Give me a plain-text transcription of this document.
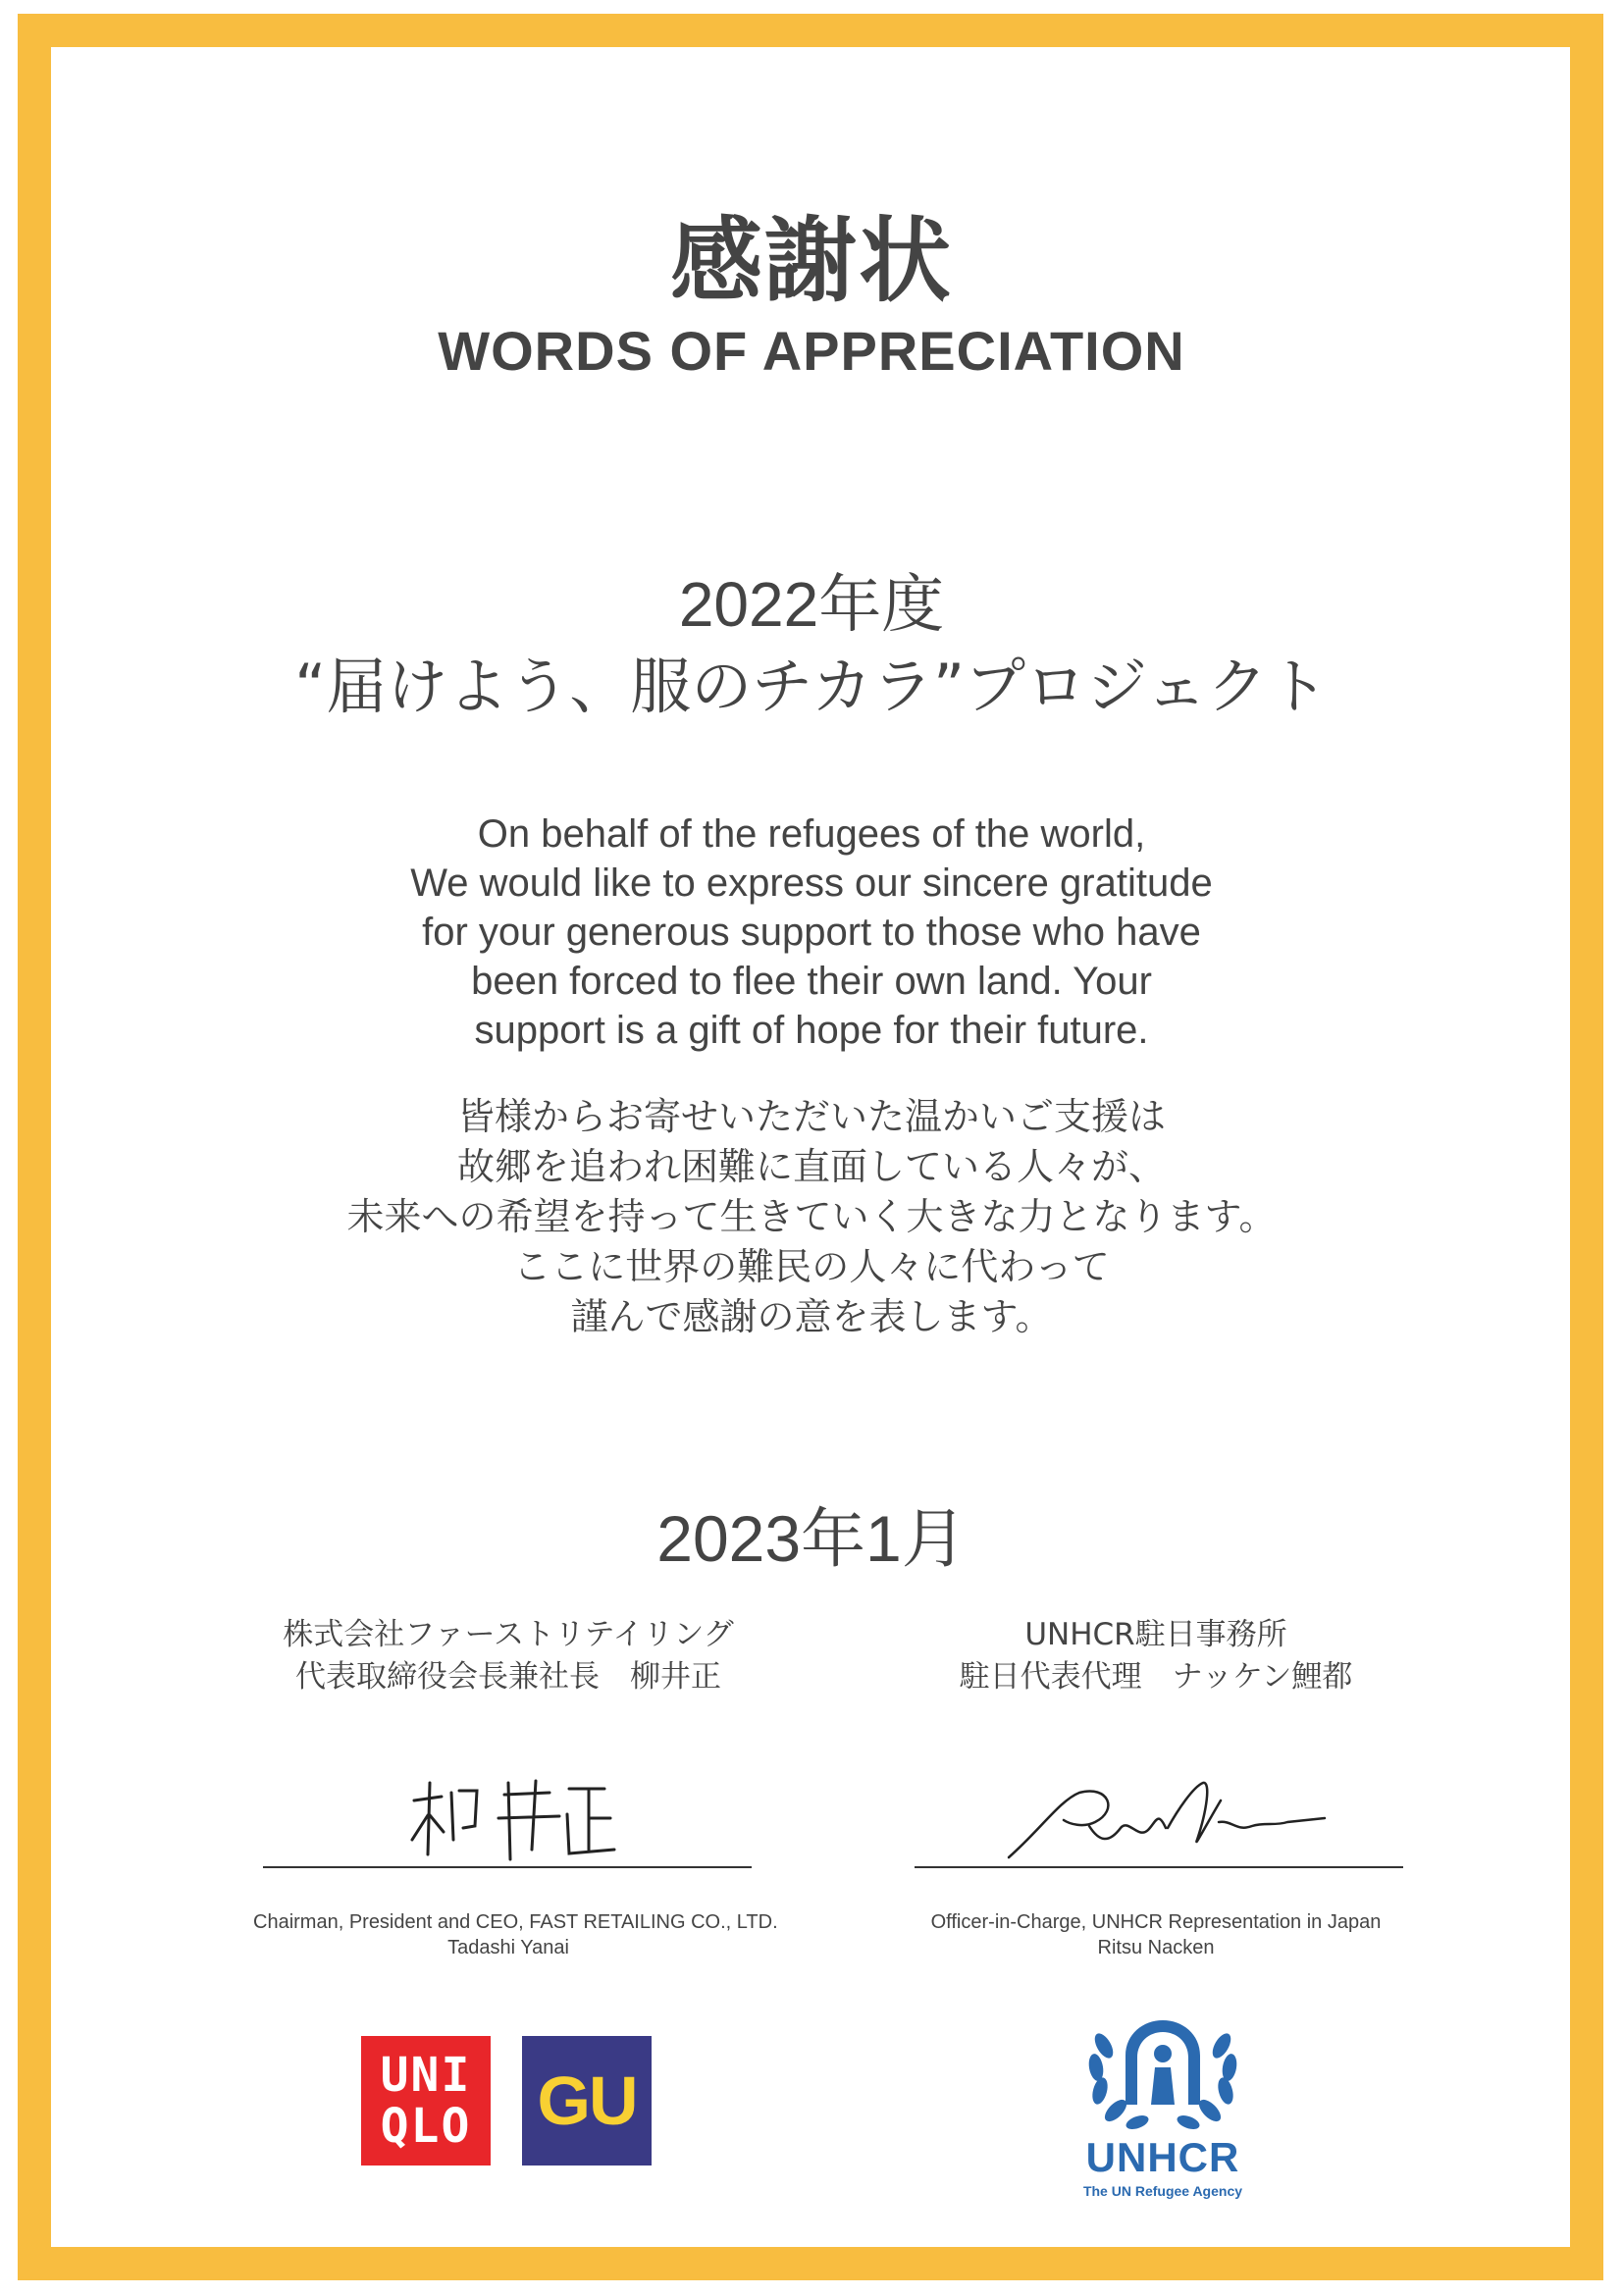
感謝状
WORDS OF APPRECIATION
2022年度
“届けよう、服のチカラ”プロジェクト
On behalf of the refugees of the world,
We would like to express our sincere gratitude
for your generous support to those who have
been forced to flee their own land. Your
support is a gift of hope for their future.
皆様からお寄せいただいた温かいご支援は
故郷を追われ困難に直面している人々が、
未来への希望を持って生きていく大きな力となります。
ここに世界の難民の人々に代わって
謹んで感謝の意を表します。
2023年1月
株式会社ファーストリテイリング
代表取締役会長兼社長　柳井正
Chairman, President and CEO, FAST RETAILING CO., LTD.
Tadashi Yanai
UNHCR駐日事務所
駐日代表代理　ナッケン鯉都
Officer-in-Charge, UNHCR Representation in Japan
Ritsu Nacken
UNI
QLO GU
UNHCR
The UN Refugee Agency
